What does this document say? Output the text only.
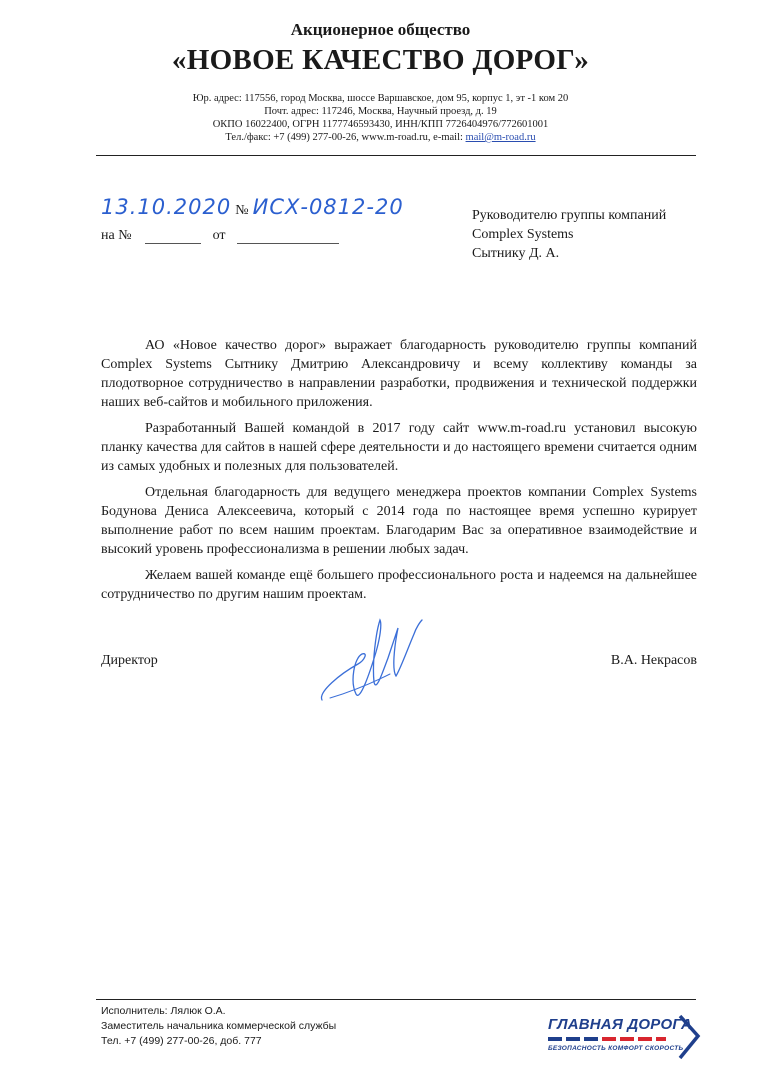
Акционерное общество
«НОВОЕ КАЧЕСТВО ДОРОГ»
Юр. адрес: 117556, город Москва, шоссе Варшавское, дом 95, корпус 1, эт -1 ком 20
Почт. адрес: 117246, Москва, Научный проезд, д. 19
ОКПО 16022400, ОГРН 1177746593430, ИНН/КПП 7726404976/772601001
Тел./факс: +7 (499) 277-00-26, www.m-road.ru, e-mail: mail@m-road.ru
13.10.2020 № ИСХ-0812-20
на №	от
Руководителю группы компаний
Complex Systems
Сытнику Д. А.

АО «Новое качество дорог» выражает благодарность руководителю группы компаний Complex Systems Сытнику Дмитрию Александровичу и всему коллективу команды за плодотворное сотрудничество в направлении разработки, продвижения и технической поддержки наших веб-сайтов и мобильного приложения.

Разработанный Вашей командой в 2017 году сайт www.m-road.ru установил высокую планку качества для сайтов в нашей сфере деятельности и до настоящего времени считается одним из самых удобных и полезных для пользователей.

Отдельная благодарность для ведущего менеджера проектов компании Complex Systems Бодунова Дениса Алексеевича, который с 2014 года по настоящее время успешно курирует выполнение работ по всем нашим проектам. Благодарим Вас за оперативное взаимодействие и высокий уровень профессионализма в решении любых задач.

Желаем вашей команде ещё большего профессионального роста и надеемся на дальнейшее сотрудничество по другим нашим проектам.

Директор	В.А. Некрасов
Исполнитель: Лялюк О.А.
Заместитель начальника коммерческой службы
Тел. +7 (499) 277-00-26, доб. 777
ГЛАВНАЯ ДОРОГА
БЕЗОПАСНОСТЬ КОМФОРТ СКОРОСТЬ
